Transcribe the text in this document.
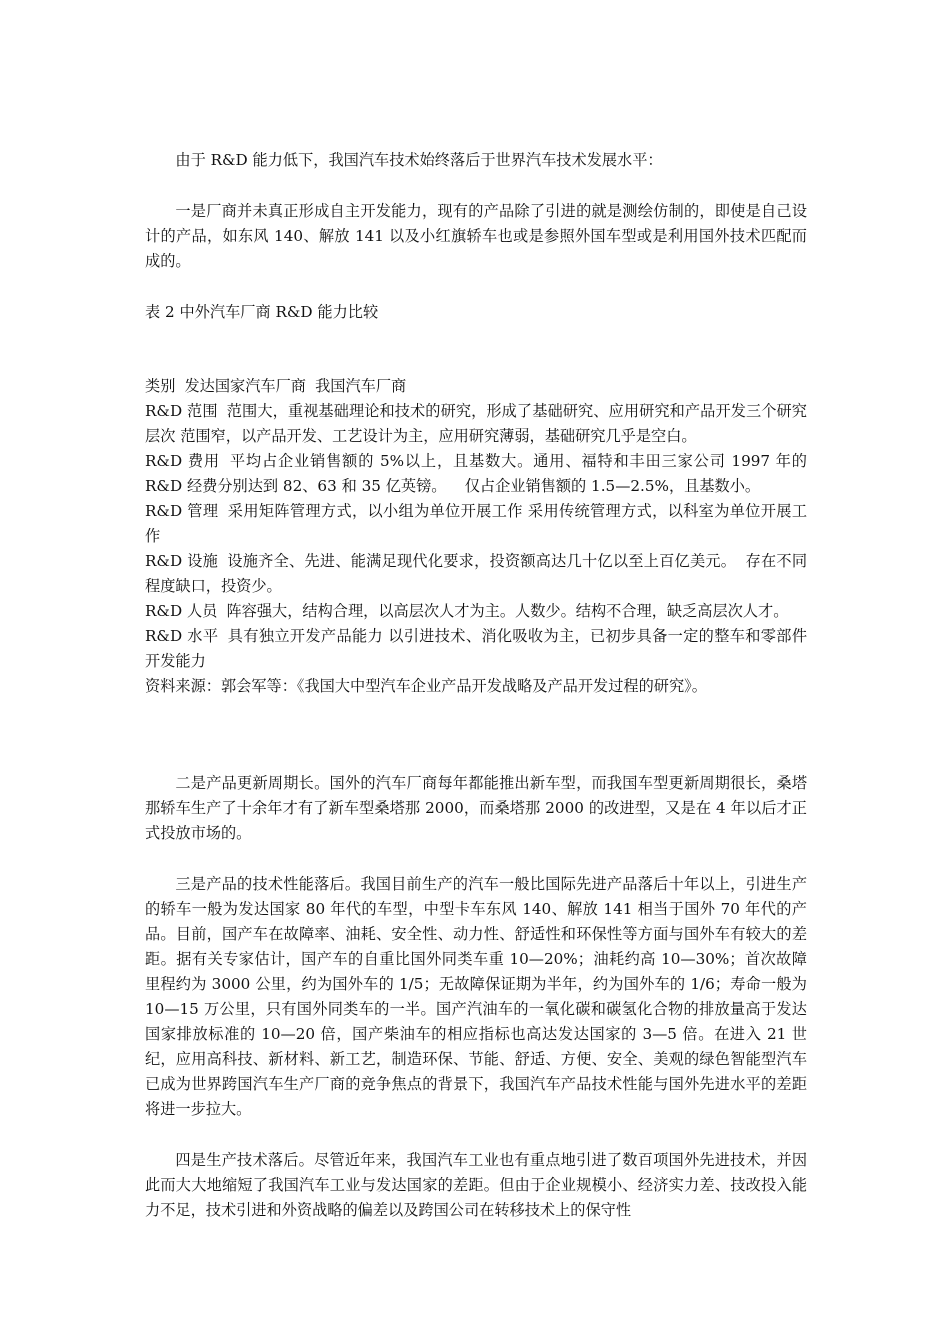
由于 R&D 能力低下，我国汽车技术始终落后于世界汽车技术发展水平：

一是厂商并未真正形成自主开发能力，现有的产品除了引进的就是测绘仿制的，即使是自己设计的产品，如东风 140、解放 141 以及小红旗轿车也或是参照外国车型或是利用国外技术匹配而成的。

表 2 中外汽车厂商 R&D 能力比较

类别 发达国家汽车厂商 我国汽车厂商

R&D 范围 范围大，重视基础理论和技术的研究，形成了基础研究、应用研究和产品开发三个研究层次 范围窄，以产品开发、工艺设计为主，应用研究薄弱，基础研究几乎是空白。

R&D 费用 平均占企业销售额的 5%以上，且基数大。通用、福特和丰田三家公司 1997 年的 R&D 经费分别达到 82、63 和 35 亿英镑。 仅占企业销售额的 1.5—2.5%，且基数小。

R&D 管理 采用矩阵管理方式，以小组为单位开展工作 采用传统管理方式，以科室为单位开展工作

R&D 设施 设施齐全、先进、能满足现代化要求，投资额高达几十亿以至上百亿美元。 存在不同程度缺口，投资少。

R&D 人员 阵容强大，结构合理，以高层次人才为主。人数少。结构不合理，缺乏高层次人才。

R&D 水平 具有独立开发产品能力 以引进技术、消化吸收为主，已初步具备一定的整车和零部件开发能力

资料来源：郭会军等：《我国大中型汽车企业产品开发战略及产品开发过程的研究》。

二是产品更新周期长。国外的汽车厂商每年都能推出新车型，而我国车型更新周期很长，桑塔那轿车生产了十余年才有了新车型桑塔那 2000，而桑塔那 2000 的改进型，又是在 4 年以后才正式投放市场的。

三是产品的技术性能落后。我国目前生产的汽车一般比国际先进产品落后十年以上，引进生产的轿车一般为发达国家 80 年代的车型，中型卡车东风 140、解放 141 相当于国外 70 年代的产品。目前，国产车在故障率、油耗、安全性、动力性、舒适性和环保性等方面与国外车有较大的差距。据有关专家估计，国产车的自重比国外同类车重 10—20%；油耗约高 10—30%；首次故障里程约为 3000 公里，约为国外车的 1/5；无故障保证期为半年，约为国外车的 1/6；寿命一般为 10—15 万公里，只有国外同类车的一半。国产汽油车的一氧化碳和碳氢化合物的排放量高于发达国家排放标准的 10—20 倍，国产柴油车的相应指标也高达发达国家的 3—5 倍。在进入 21 世纪，应用高科技、新材料、新工艺，制造环保、节能、舒适、方便、安全、美观的绿色智能型汽车已成为世界跨国汽车生产厂商的竞争焦点的背景下，我国汽车产品技术性能与国外先进水平的差距将进一步拉大。

四是生产技术落后。尽管近年来，我国汽车工业也有重点地引进了数百项国外先进技术，并因此而大大地缩短了我国汽车工业与发达国家的差距。但由于企业规模小、经济实力差、技改投入能力不足，技术引进和外资战略的偏差以及跨国公司在转移技术上的保守性
